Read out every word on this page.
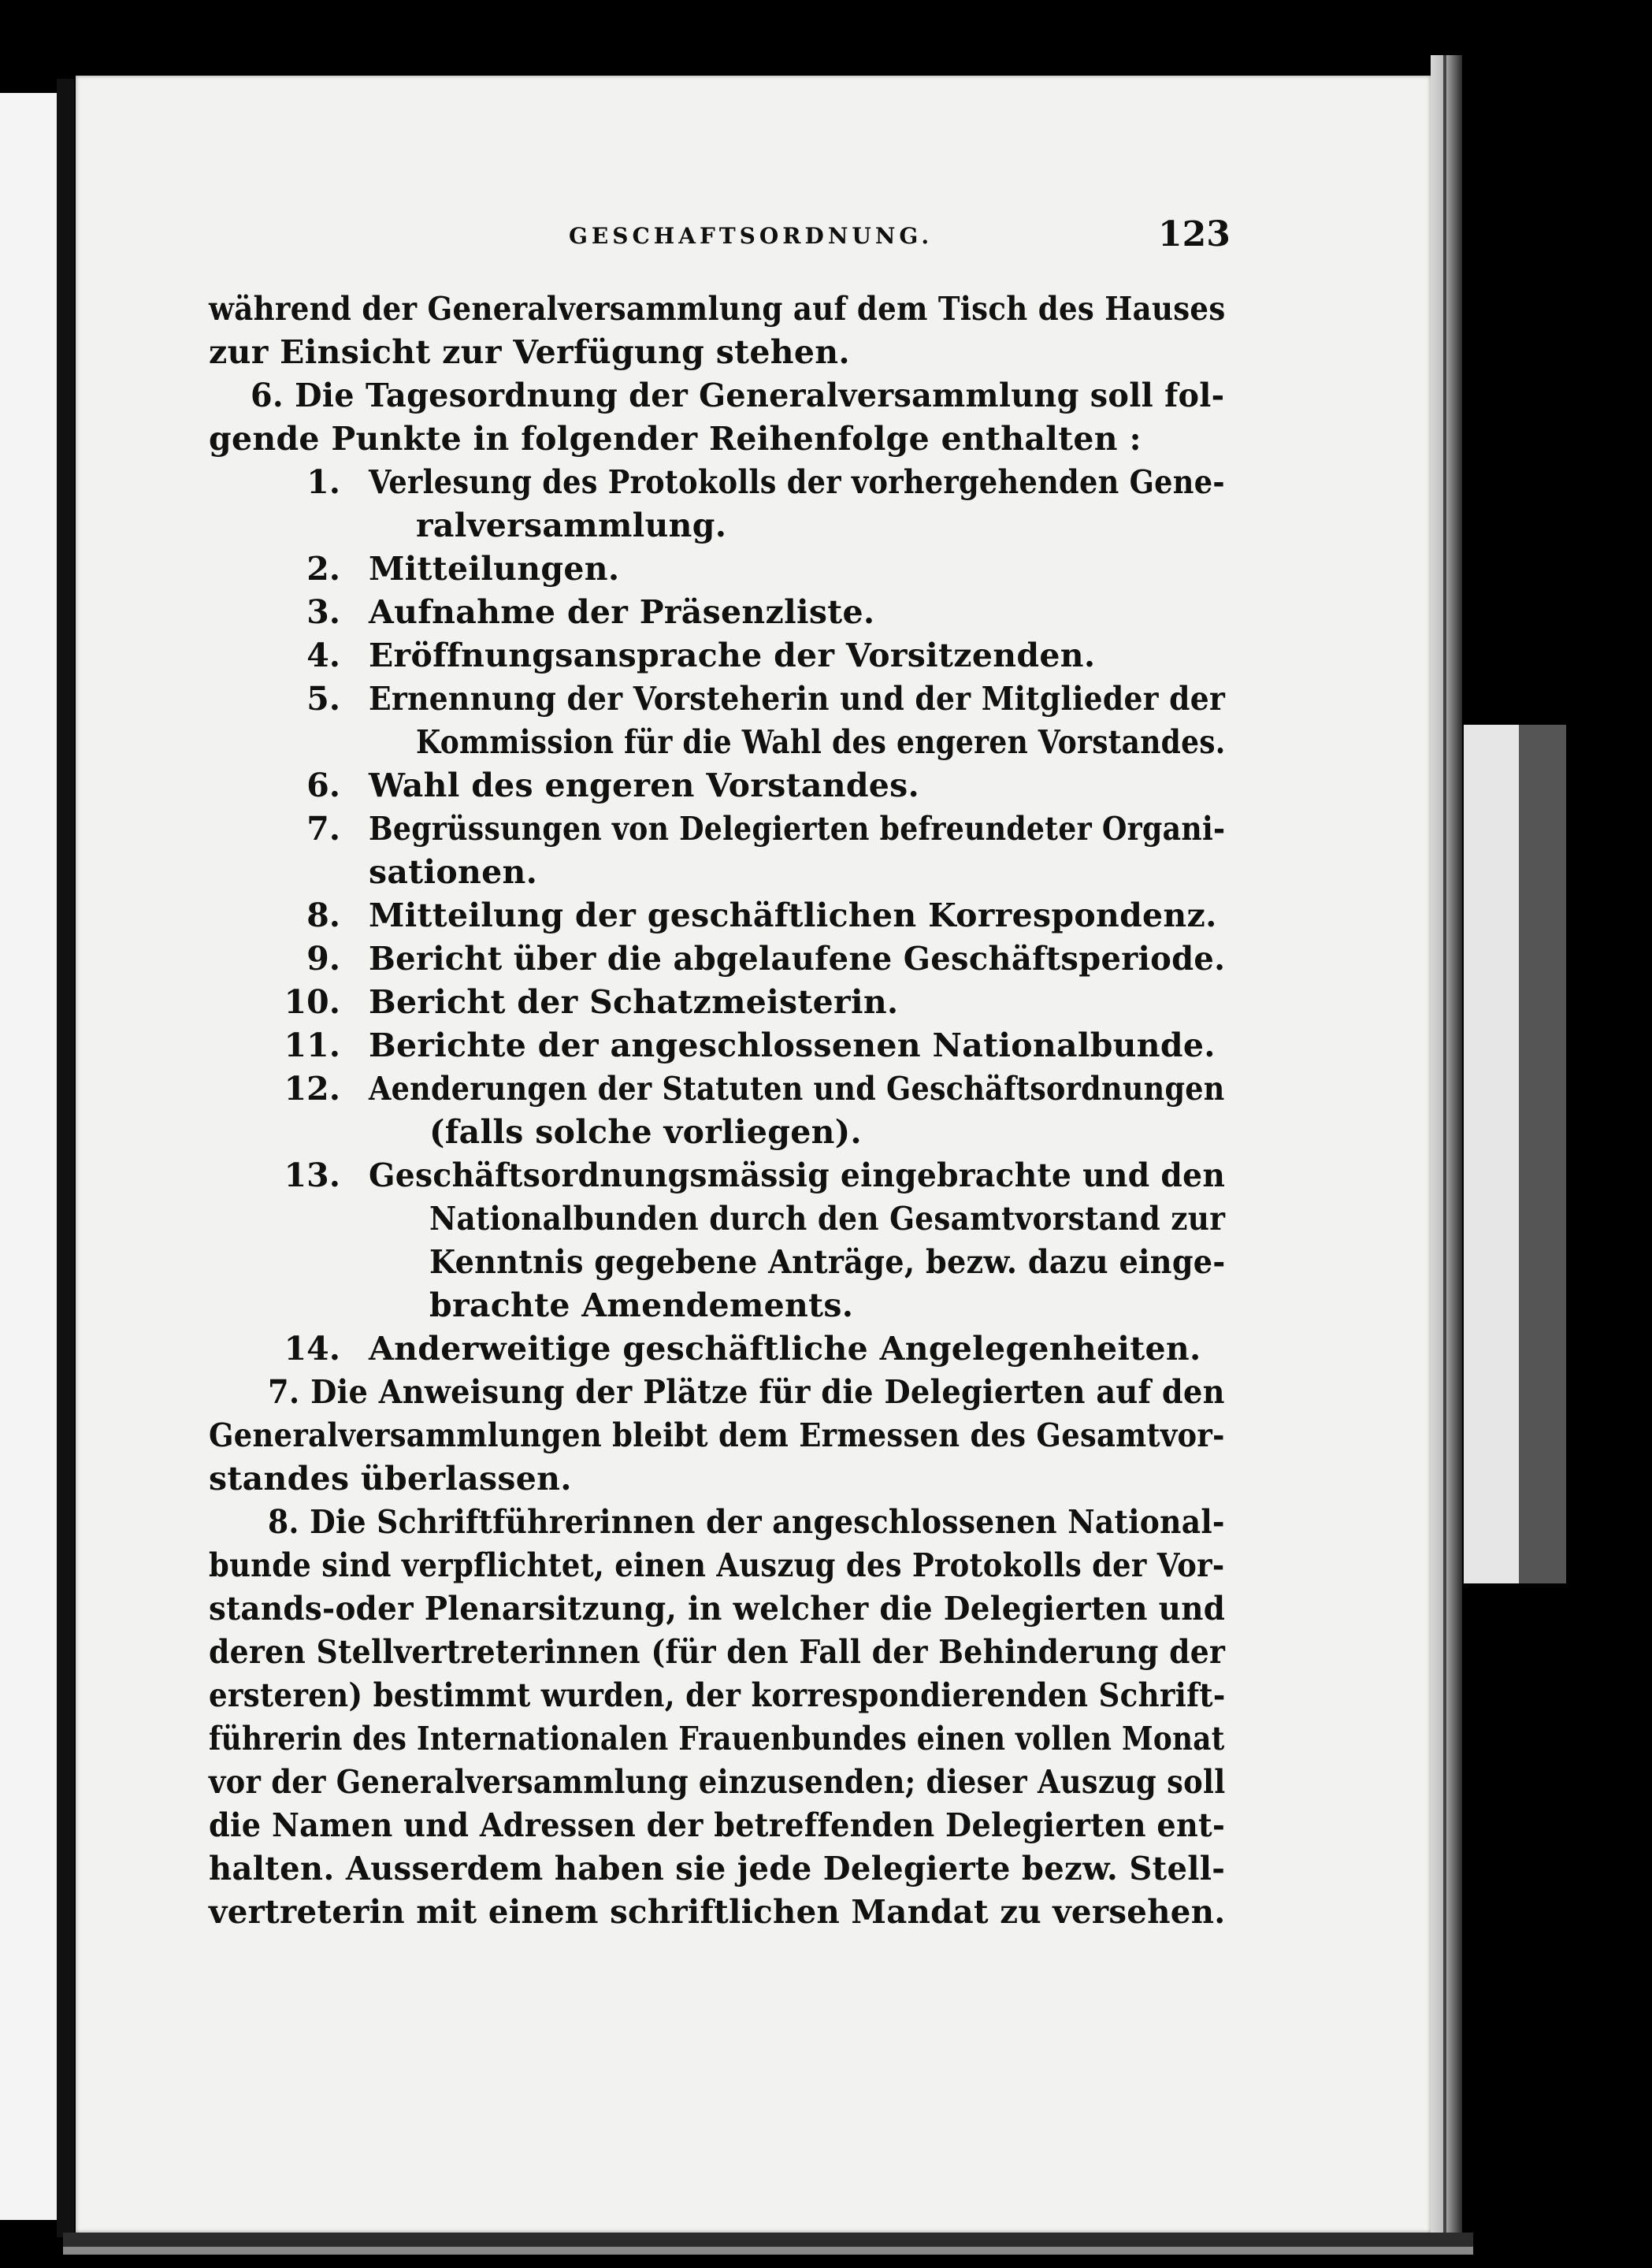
GESCHAFTSORDNUNG.	123
während der Generalversammlung auf dem Tisch des Hauses
zur Einsicht zur Verfügung stehen.
6. Die Tagesordnung der Generalversammlung soll fol-
gende Punkte in folgender Reihenfolge enthalten :
1. Verlesung des Protokolls der vorhergehenden Gene-
ralversammlung.
2. Mitteilungen.
3. Aufnahme der Präsenzliste.
4. Eröffnungsansprache der Vorsitzenden.
5. Ernennung der Vorsteherin und der Mitglieder der
Kommission für die Wahl des engeren Vorstandes.
6. Wahl des engeren Vorstandes.
7. Begrüssungen von Delegierten befreundeter Organi-
sationen.
8. Mitteilung der geschäftlichen Korrespondenz.
9. Bericht über die abgelaufene Geschäftsperiode.
10. Bericht der Schatzmeisterin.
11. Berichte der angeschlossenen Nationalbunde.
12. Aenderungen der Statuten und Geschäftsordnungen
(falls solche vorliegen).
13. Geschäftsordnungsmässig eingebrachte und den
Nationalbunden durch den Gesamtvorstand zur
Kenntnis gegebene Anträge, bezw. dazu einge-
brachte Amendements.
14. Anderweitige geschäftliche Angelegenheiten.
7. Die Anweisung der Plätze für die Delegierten auf den
Generalversammlungen bleibt dem Ermessen des Gesamtvor-
standes überlassen.
8. Die Schriftführerinnen der angeschlossenen National-
bunde sind verpflichtet, einen Auszug des Protokolls der Vor-
stands-oder Plenarsitzung, in welcher die Delegierten und
deren Stellvertreterinnen (für den Fall der Behinderung der
ersteren) bestimmt wurden, der korrespondierenden Schrift-
führerin des Internationalen Frauenbundes einen vollen Monat
vor der Generalversammlung einzusenden; dieser Auszug soll
die Namen und Adressen der betreffenden Delegierten ent-
halten. Ausserdem haben sie jede Delegierte bezw. Stell-
vertreterin mit einem schriftlichen Mandat zu versehen.
